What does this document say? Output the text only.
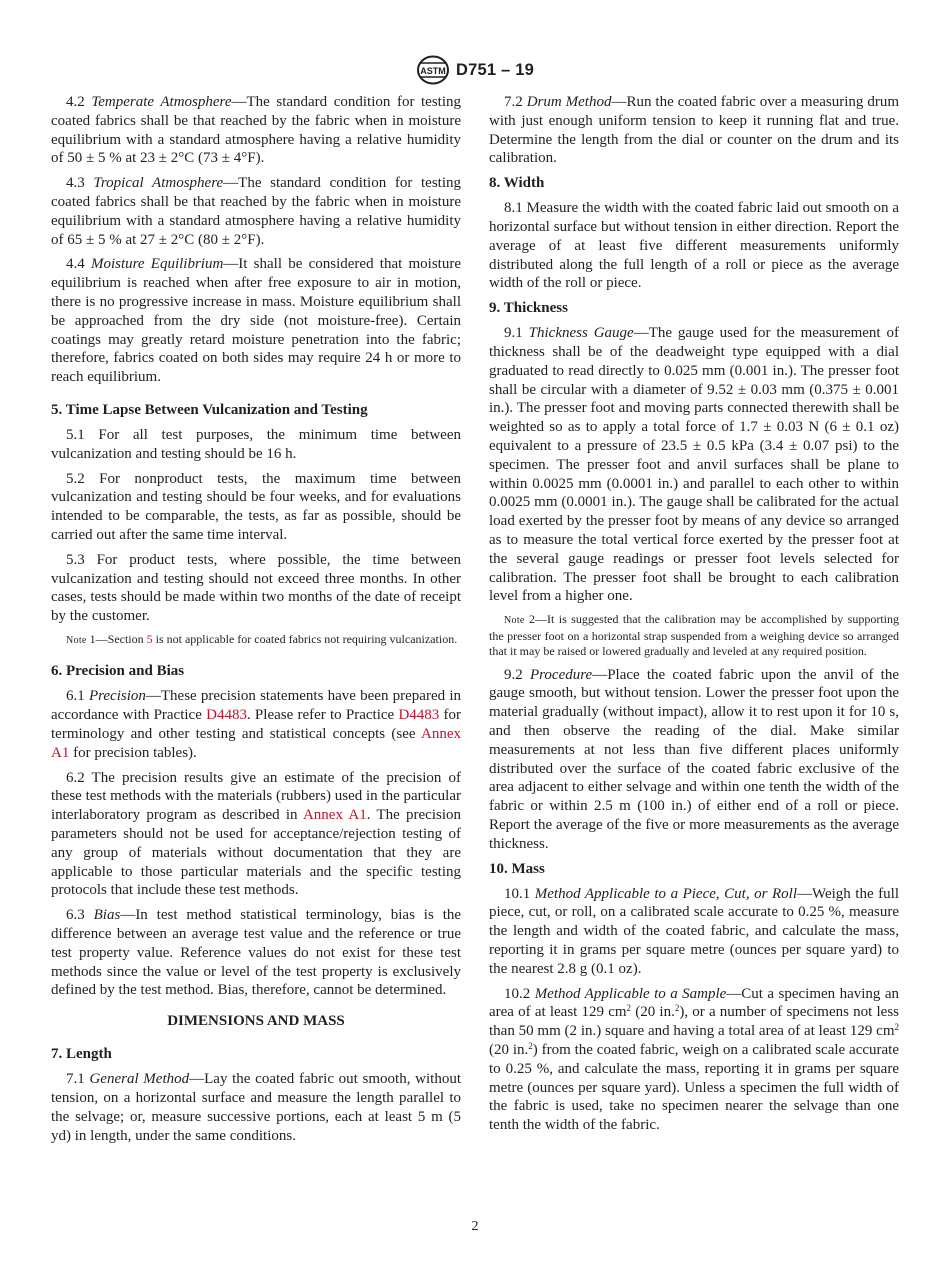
ASTM D751 – 19

4.2 Temperate Atmosphere—The standard condition for testing coated fabrics shall be that reached by the fabric when in moisture equilibrium with a standard atmosphere having a relative humidity of 50 ± 5 % at 23 ± 2°C (73 ± 4°F).

4.3 Tropical Atmosphere—The standard condition for testing coated fabrics shall be that reached by the fabric when in moisture equilibrium with a standard atmosphere having a relative humidity of 65 ± 5 % at 27 ± 2°C (80 ± 2°F).

4.4 Moisture Equilibrium—It shall be considered that moisture equilibrium is reached when after free exposure to air in motion, there is no progressive increase in mass. Moisture equilibrium shall be approached from the dry side (not moisture-free). Certain coatings may greatly retard moisture penetration into the fabric; therefore, fabrics coated on both sides may require 24 h or more to reach equilibrium.

5. Time Lapse Between Vulcanization and Testing

5.1 For all test purposes, the minimum time between vulcanization and testing should be 16 h.

5.2 For nonproduct tests, the maximum time between vulcanization and testing should be four weeks, and for evaluations intended to be comparable, the tests, as far as possible, should be carried out after the same time interval.

5.3 For product tests, where possible, the time between vulcanization and testing should not exceed three months. In other cases, tests should be made within two months of the date of receipt by the customer.

Note 1—Section 5 is not applicable for coated fabrics not requiring vulcanization.
6. Precision and Bias

6.1 Precision—These precision statements have been prepared in accordance with Practice D4483. Please refer to Practice D4483 for terminology and other testing and statistical concepts (see Annex A1 for precision tables).

6.2 The precision results give an estimate of the precision of these test methods with the materials (rubbers) used in the particular interlaboratory program as described in Annex A1. The precision parameters should not be used for acceptance/rejection testing of any group of materials without documentation that they are applicable to those particular materials and the specific testing protocols that include these test methods.

6.3 Bias—In test method statistical terminology, bias is the difference between an average test value and the reference or true test property value. Reference values do not exist for these test methods since the value or level of the test property is exclusively defined by the test method. Bias, therefore, cannot be determined.

DIMENSIONS AND MASS
7. Length

7.1 General Method—Lay the coated fabric out smooth, without tension, on a horizontal surface and measure the length parallel to the selvage; or, measure successive portions, each at least 5 m (5 yd) in length, under the same conditions.

7.2 Drum Method—Run the coated fabric over a measuring drum with just enough uniform tension to keep it running flat and true. Determine the length from the dial or counter on the drum and its calibration.

8. Width

8.1 Measure the width with the coated fabric laid out smooth on a horizontal surface but without tension in either direction. Report the average of at least five different measurements uniformly distributed along the full length of a roll or piece as the average width of the roll or piece.

9. Thickness

9.1 Thickness Gauge—The gauge used for the measurement of thickness shall be of the deadweight type equipped with a dial graduated to read directly to 0.025 mm (0.001 in.). The presser foot shall be circular with a diameter of 9.52 ± 0.03 mm (0.375 ± 0.001 in.). The presser foot and moving parts connected therewith shall be weighted so as to apply a total force of 1.7 ± 0.03 N (6 ± 0.1 oz) equivalent to a pressure of 23.5 ± 0.5 kPa (3.4 ± 0.07 psi) to the specimen. The presser foot and anvil surfaces shall be plane to within 0.0025 mm (0.0001 in.) and parallel to each other to within 0.0025 mm (0.0001 in.). The gauge shall be calibrated for the actual load exerted by the presser foot by means of any device so arranged as to measure the total vertical force exerted by the presser foot at the several gauge readings or presser foot levels selected for calibration. The presser foot shall be brought to each calibration level from a higher one.

Note 2—It is suggested that the calibration may be accomplished by supporting the presser foot on a horizontal strap suspended from a weighing device so arranged that it may be raised or lowered gradually and leveled at any required position.

9.2 Procedure—Place the coated fabric upon the anvil of the gauge smooth, but without tension. Lower the presser foot upon the material gradually (without impact), allow it to rest upon it for 10 s, and then observe the reading of the dial. Make similar measurements at not less than five different places uniformly distributed over the surface of the coated fabric exclusive of the area adjacent to either selvage and within one tenth the width of the fabric or within 2.5 m (100 in.) of either end of a roll or piece. Report the average of the five or more measurements as the average thickness.

10. Mass

10.1 Method Applicable to a Piece, Cut, or Roll—Weigh the full piece, cut, or roll, on a calibrated scale accurate to 0.25 %, measure the length and width of the coated fabric, and calculate the mass, reporting it in grams per square metre (ounces per square yard) to the nearest 2.8 g (0.1 oz).

10.2 Method Applicable to a Sample—Cut a specimen having an area of at least 129 $cm^2$ (20 in.$^2$), or a number of specimens not less than 50 mm (2 in.) square and having a total area of at least 129 $cm^2$ (20 in.$^2$) from the coated fabric, weigh on a calibrated scale accurate to 0.25 %, and calculate the mass, reporting it in grams per square metre (ounces per square yard). Unless a specimen the full width of the fabric is used, take no specimen nearer the selvage than one tenth the width of the fabric.

2
